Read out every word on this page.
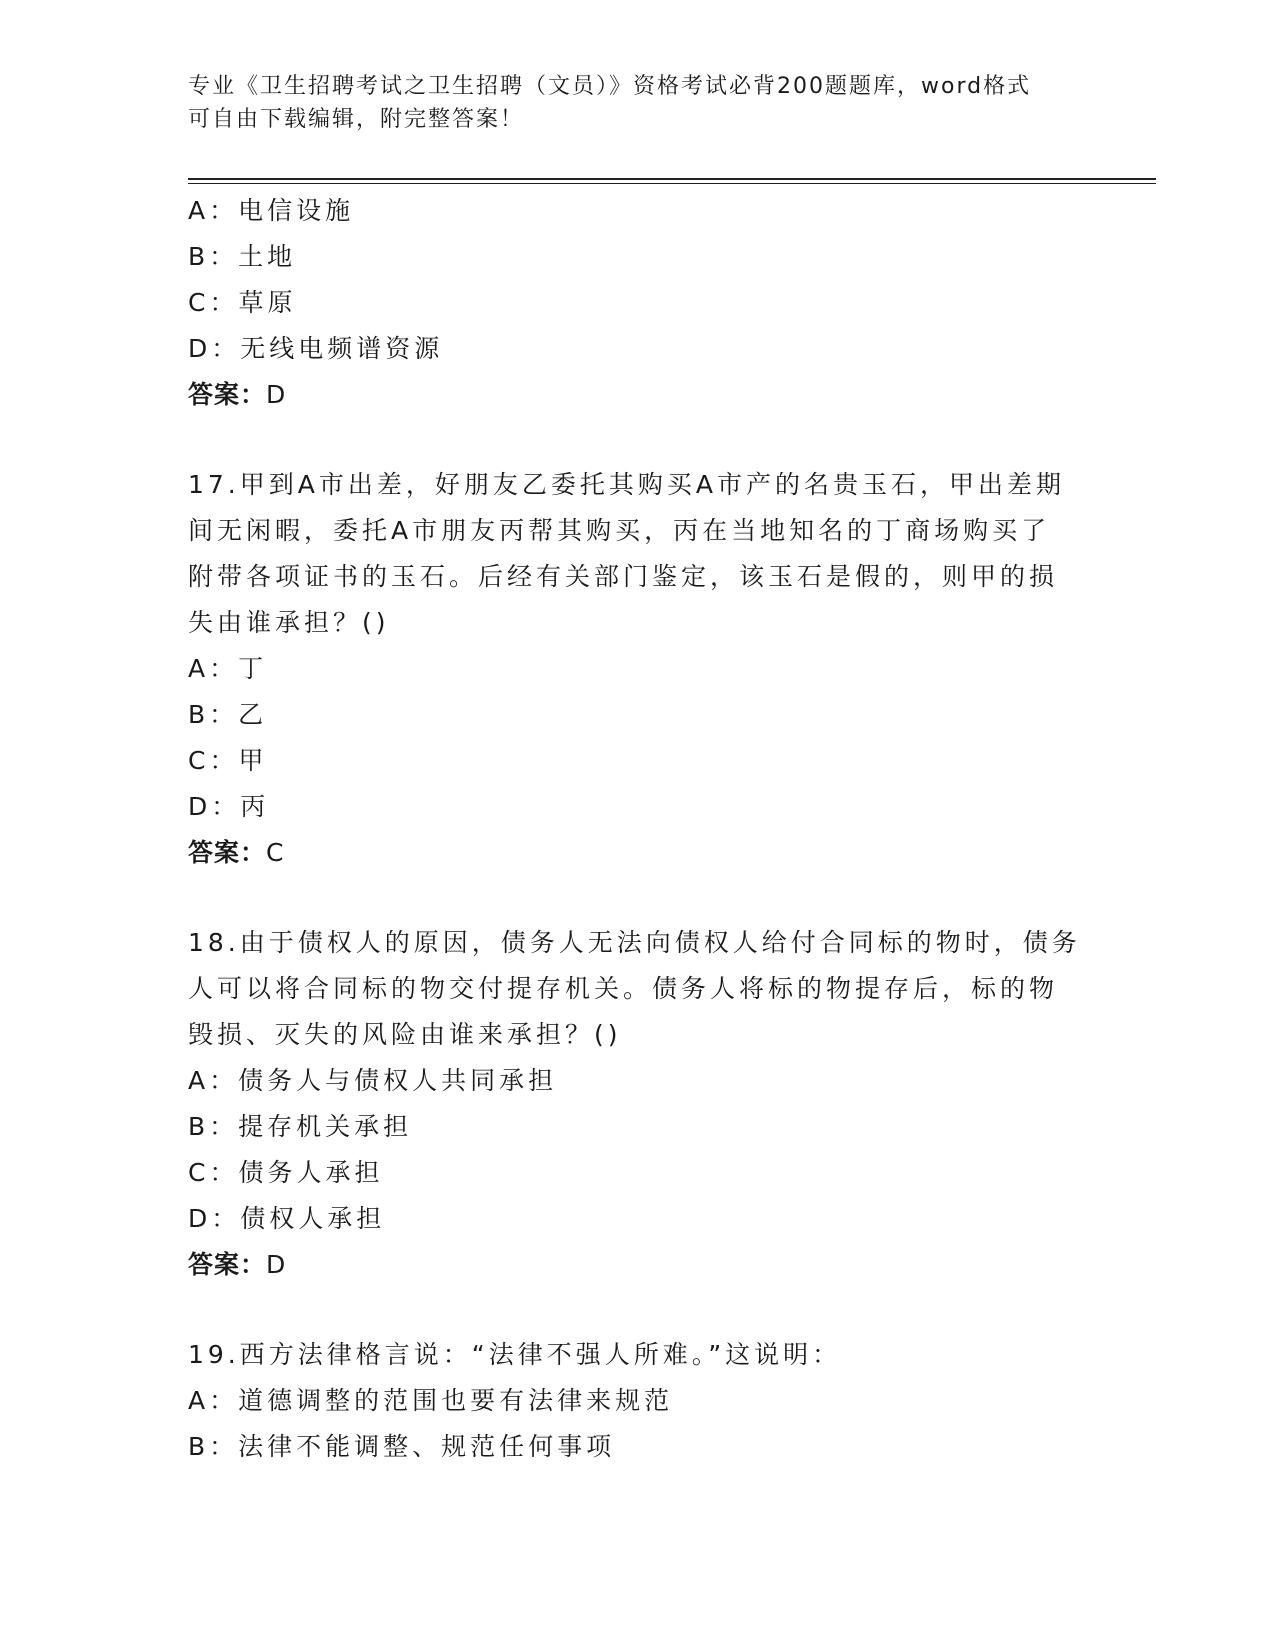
专业《卫生招聘考试之卫生招聘（文员）》资格考试必背200题题库，word格式
可自由下载编辑，附完整答案！
A：电信设施
B：土地
C：草原
D：无线电频谱资源
答案：D
17.甲到A市出差，好朋友乙委托其购买A市产的名贵玉石，甲出差期
间无闲暇，委托A市朋友丙帮其购买，丙在当地知名的丁商场购买了
附带各项证书的玉石。后经有关部门鉴定，该玉石是假的，则甲的损
失由谁承担？()
A：丁
B：乙
C：甲
D：丙
答案：C
18.由于债权人的原因，债务人无法向债权人给付合同标的物时，债务
人可以将合同标的物交付提存机关。债务人将标的物提存后，标的物
毁损、灭失的风险由谁来承担？()
A：债务人与债权人共同承担
B：提存机关承担
C：债务人承担
D：债权人承担
答案：D
19.西方法律格言说：“法律不强人所难。”这说明：
A：道德调整的范围也要有法律来规范
B：法律不能调整、规范任何事项
